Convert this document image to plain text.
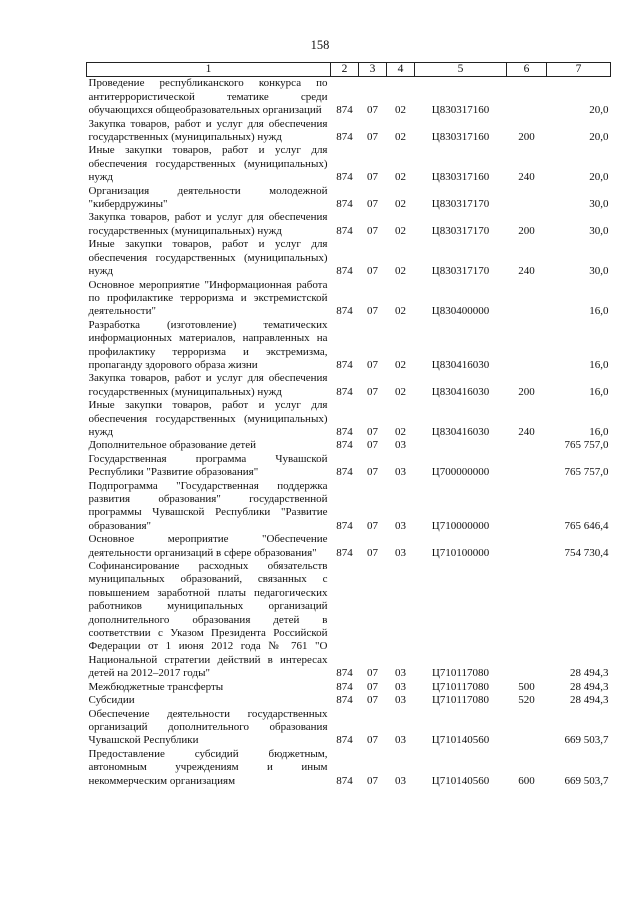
158
1	2	3	4	5	6	7
Проведение республиканского конкурса по антитеррористической тематике среди обучающихся общеобразовательных организаций	874	07	02	Ц830317160		20,0
Закупка товаров, работ и услуг для обеспечения государственных (муниципальных) нужд	874	07	02	Ц830317160	200	20,0
Иные закупки товаров, работ и услуг для обеспечения государственных (муниципальных) нужд	874	07	02	Ц830317160	240	20,0
Организация деятельности молодежной "кибердружины"	874	07	02	Ц830317170		30,0
Закупка товаров, работ и услуг для обеспечения государственных (муниципальных) нужд	874	07	02	Ц830317170	200	30,0
Иные закупки товаров, работ и услуг для обеспечения государственных (муниципальных) нужд	874	07	02	Ц830317170	240	30,0
Основное мероприятие "Информационная работа по профилактике терроризма и экстремистской деятельности"	874	07	02	Ц830400000		16,0
Разработка (изготовление) тематических информационных материалов, направленных на профилактику терроризма и экстремизма, пропаганду здорового образа жизни	874	07	02	Ц830416030		16,0
Закупка товаров, работ и услуг для обеспечения государственных (муниципальных) нужд	874	07	02	Ц830416030	200	16,0
Иные закупки товаров, работ и услуг для обеспечения государственных (муниципальных) нужд	874	07	02	Ц830416030	240	16,0
Дополнительное образование детей	874	07	03			765 757,0
Государственная программа Чувашской Республики "Развитие образования"	874	07	03	Ц700000000		765 757,0
Подпрограмма "Государственная поддержка развития образования" государственной программы Чувашской Республики "Развитие образования"	874	07	03	Ц710000000		765 646,4
Основное мероприятие "Обеспечение деятельности организаций в сфере образования"	874	07	03	Ц710100000		754 730,4
Софинансирование расходных обязательств муниципальных образований, связанных с повышением заработной платы педагогических работников муниципальных организаций дополнительного образования детей в соответствии с Указом Президента Российской Федерации от 1 июня 2012 года № 761 "О Национальной стратегии действий в интересах детей на 2012–2017 годы"	874	07	03	Ц710117080		28 494,3
Межбюджетные трансферты	874	07	03	Ц710117080	500	28 494,3
Субсидии	874	07	03	Ц710117080	520	28 494,3
Обеспечение деятельности государственных организаций дополнительного образования Чувашской Республики	874	07	03	Ц710140560		669 503,7
Предоставление субсидий бюджетным, автономным учреждениям и иным некоммерческим организациям	874	07	03	Ц710140560	600	669 503,7
